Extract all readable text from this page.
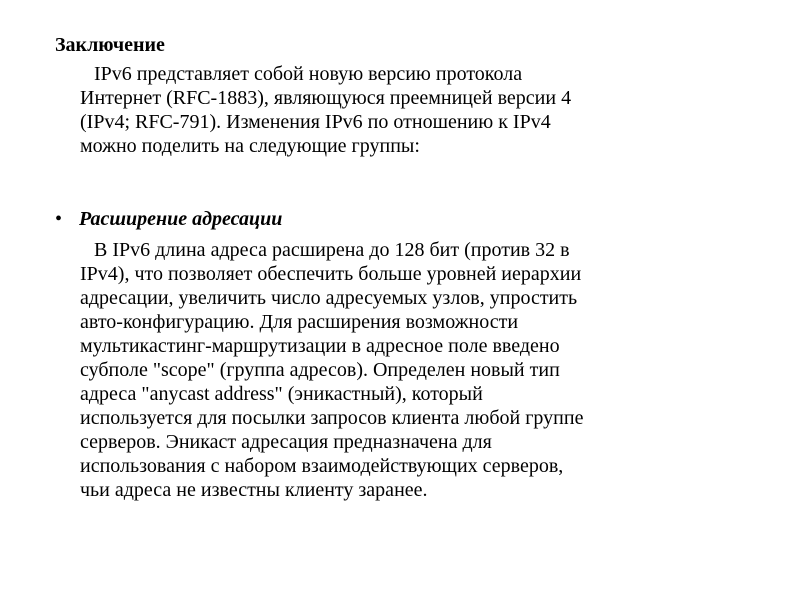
Заключение
IPv6 представляет собой новую версию протокола
Интернет (RFC-1883), являющуюся преемницей версии 4
(IPv4; RFC-791). Изменения IPv6 по отношению к IPv4
можно поделить на следующие группы:
• Расширение адресации
В IPv6 длина адреса расширена до 128 бит (против 32 в
IPv4), что позволяет обеспечить больше уровней иерархии
адресации, увеличить число адресуемых узлов, упростить
авто-конфигурацию. Для расширения возможности
мультикастинг-маршрутизации в адресное поле введено
субполе "scope" (группа адресов). Определен новый тип
адреса "anycast address" (эникастный), который
используется для посылки запросов клиента любой группе
серверов. Эникаст адресация предназначена для
использования с набором взаимодействующих серверов,
чьи адреса не известны клиенту заранее.
